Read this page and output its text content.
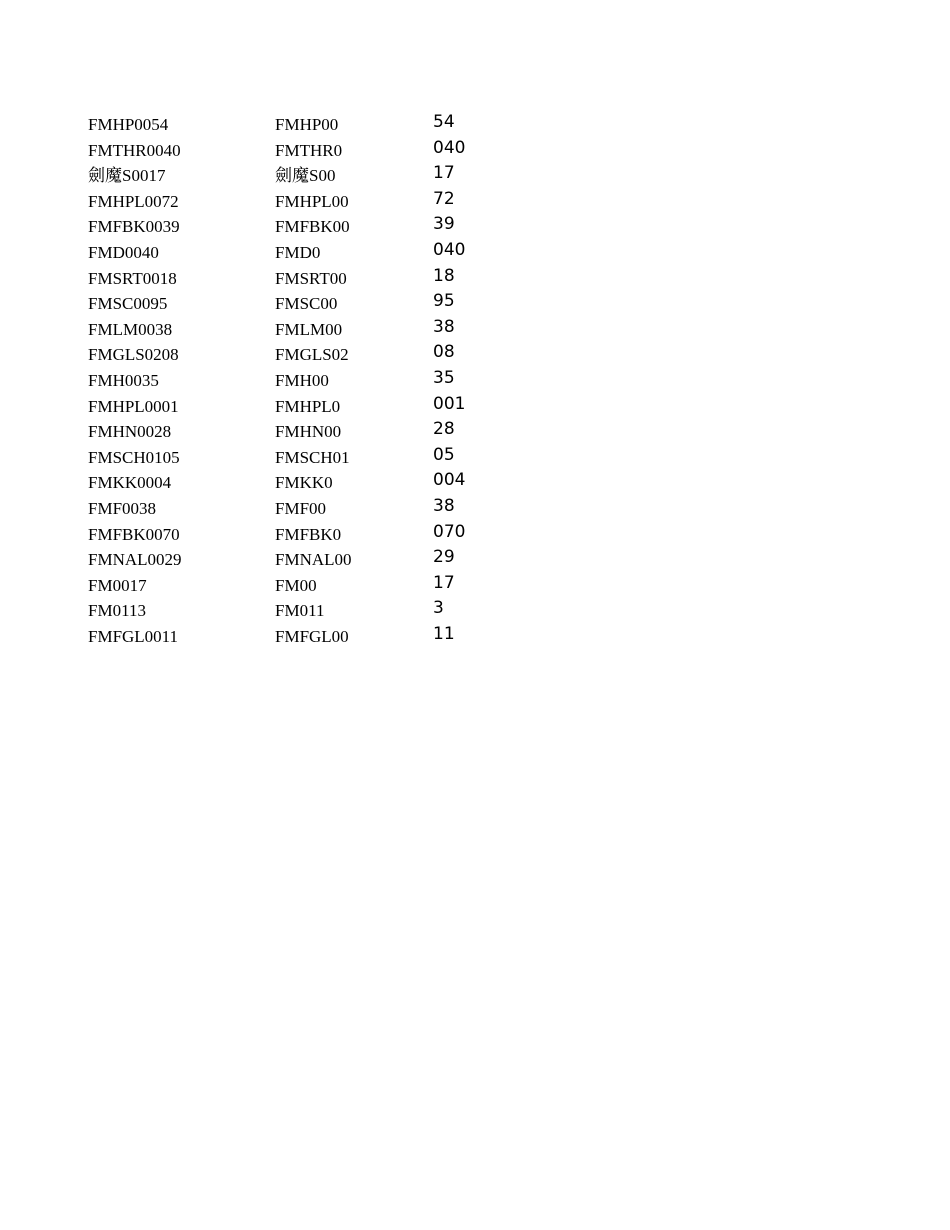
FMHP0054	FMHP00	54
FMTHR0040	FMTHR0	040
劍魔S0017	劍魔S00	17
FMHPL0072	FMHPL00	72
FMFBK0039	FMFBK00	39
FMD0040	FMD0	040
FMSRT0018	FMSRT00	18
FMSC0095	FMSC00	95
FMLM0038	FMLM00	38
FMGLS0208	FMGLS02	08
FMH0035	FMH00	35
FMHPL0001	FMHPL0	001
FMHN0028	FMHN00	28
FMSCH0105	FMSCH01	05
FMKK0004	FMKK0	004
FMF0038	FMF00	38
FMFBK0070	FMFBK0	070
FMNAL0029	FMNAL00	29
FM0017	FM00	17
FM0113	FM011	3
FMFGL0011	FMFGL00	11
